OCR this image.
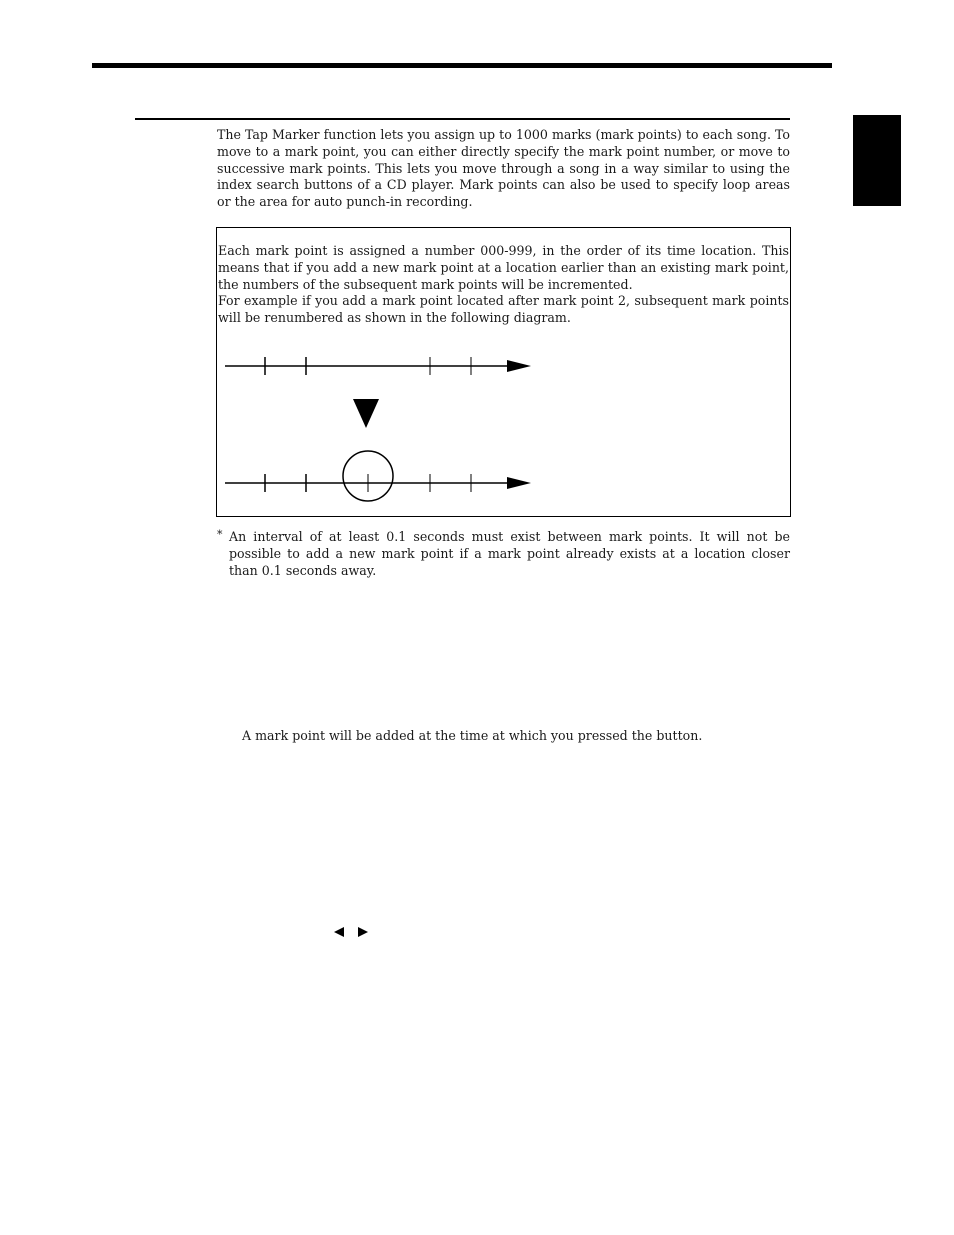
The Tap Marker function lets you assign up to 1000 marks (mark points) to each song. To move to a mark point, you can either directly specify the mark point number, or move to successive mark points. This lets you move through a song in a way similar to using the index search buttons of a CD player. Mark points can also be used to specify loop areas or the area for auto punch-in recording.

Each mark point is assigned a number 000-999, in the order of its time location. This means that if you add a new mark point at a location earlier than an existing mark point, the numbers of the subsequent mark points will be incremented.
For example if you add a mark point located after mark point 2, subsequent mark points will be renumbered as shown in the following diagram.

* An interval of at least 0.1 seconds must exist between mark points. It will not be possible to add a new mark point if a mark point already exists at a location closer than 0.1 seconds away.
A mark point will be added at the time at which you pressed the button.
